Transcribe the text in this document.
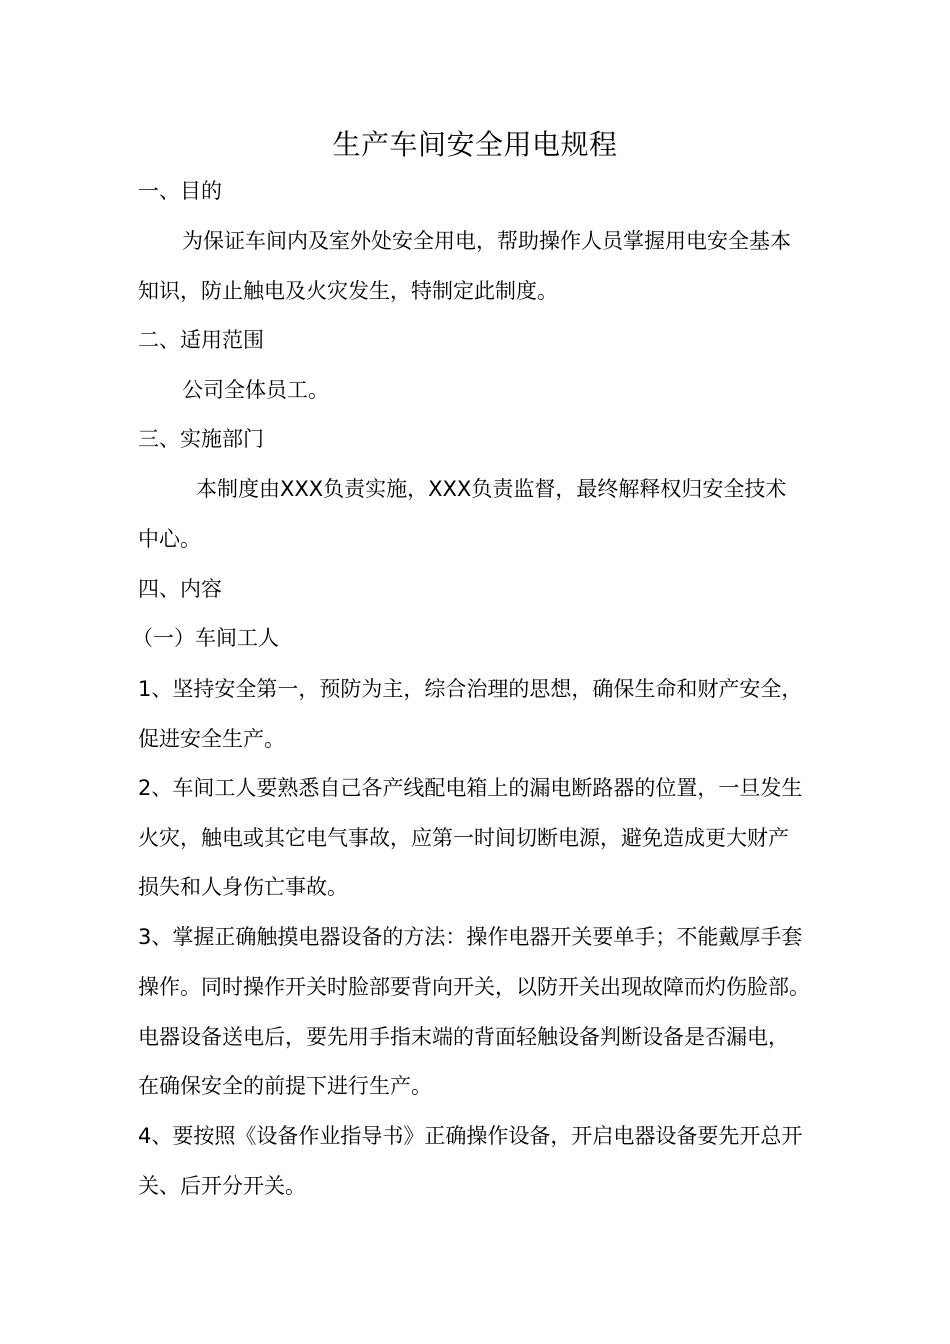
生产车间安全用电规程
一、目的
为保证车间内及室外处安全用电，帮助操作人员掌握用电安全基本
知识，防止触电及火灾发生，特制定此制度。
二、适用范围
公司全体员工。
三、实施部门
本制度由XXX负责实施，XXX负责监督，最终解释权归安全技术
中心。
四、内容
（一）车间工人
1、坚持安全第一，预防为主，综合治理的思想，确保生命和财产安全，
促进安全生产。
2、车间工人要熟悉自己各产线配电箱上的漏电断路器的位置，一旦发生
火灾，触电或其它电气事故，应第一时间切断电源，避免造成更大财产
损失和人身伤亡事故。
3、掌握正确触摸电器设备的方法：操作电器开关要单手；不能戴厚手套
操作。同时操作开关时脸部要背向开关，以防开关出现故障而灼伤脸部。
电器设备送电后，要先用手指末端的背面轻触设备判断设备是否漏电，
在确保安全的前提下进行生产。
4、要按照《设备作业指导书》正确操作设备，开启电器设备要先开总开
关、后开分开关。
